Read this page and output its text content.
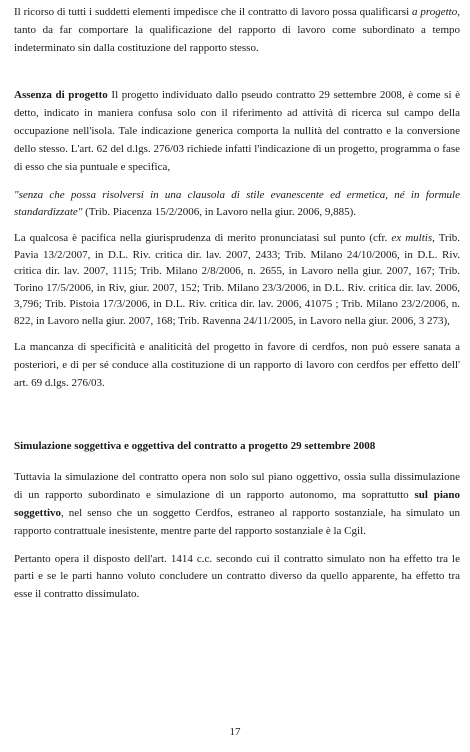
Il ricorso di tutti i suddetti elementi impedisce che il contratto di lavoro possa qualificarsi a progetto, tanto da far comportare la qualificazione del rapporto di lavoro come subordinato a tempo indeterminato sin dalla costituzione del rapporto stesso.

Assenza di progetto Il progetto individuato dallo pseudo contratto 29 settembre 2008, è come si è detto, indicato in maniera confusa solo con il riferimento ad attività di ricerca sul campo della occupazione nell'isola. Tale indicazione generica comporta la nullità del contratto e la conversione dello stesso. L'art. 62 del d.lgs. 276/03 richiede infatti l'indicazione di un progetto, programma o fase di esso che sia puntuale e specifica,

"senza che possa risolversi in una clausola di stile evanescente ed ermetica, né in formule standardizzate" (Trib. Piacenza 15/2/2006, in Lavoro nella giur. 2006, 9,885).

La qualcosa è pacifica nella giurisprudenza di merito pronunciatasi sul punto (cfr. ex multis, Trib. Pavia 13/2/2007, in D.L. Riv. critica dir. lav. 2007, 2433; Trib. Milano 24/10/2006, in D.L. Riv. critica dir. lav. 2007, 1115; Trib. Milano 2/8/2006, n. 2655, in Lavoro nella giur. 2007, 167; Trib. Torino 17/5/2006, in Riv, giur. 2007, 152; Trib. Milano 23/3/2006, in D.L. Riv. critica dir. lav. 2006, 3,796; Trib. Pistoia 17/3/2006, in D.L. Riv. critica dir. lav. 2006, 41075 ; Trib. Milano 23/2/2006, n. 822, in Lavoro nella giur. 2007, 168; Trib. Ravenna 24/11/2005, in Lavoro nella giur. 2006, 3 273),

La mancanza di specificità e analiticità del progetto in favore di cerdfos, non può essere sanata a posteriori, e di per sé conduce alla costituzione di un rapporto di lavoro con cerdfos per effetto dell' art. 69 d.lgs. 276/03.

Simulazione soggettiva e oggettiva del contratto a progetto 29 settembre 2008

Tuttavia la simulazione del contratto opera non solo sul piano oggettivo, ossia sulla dissimulazione di un rapporto subordinato e simulazione di un rapporto autonomo, ma soprattutto sul piano soggettivo, nel senso che un soggetto Cerdfos, estraneo al rapporto sostanziale, ha simulato un rapporto contrattuale inesistente, mentre parte del rapporto sostanziale è la Cgil.

Pertanto opera il disposto dell'art. 1414 c.c. secondo cui il contratto simulato non ha effetto tra le parti e se le parti hanno voluto concludere un contratto diverso da quello apparente, ha effetto tra esse il contratto dissimulato.

17
